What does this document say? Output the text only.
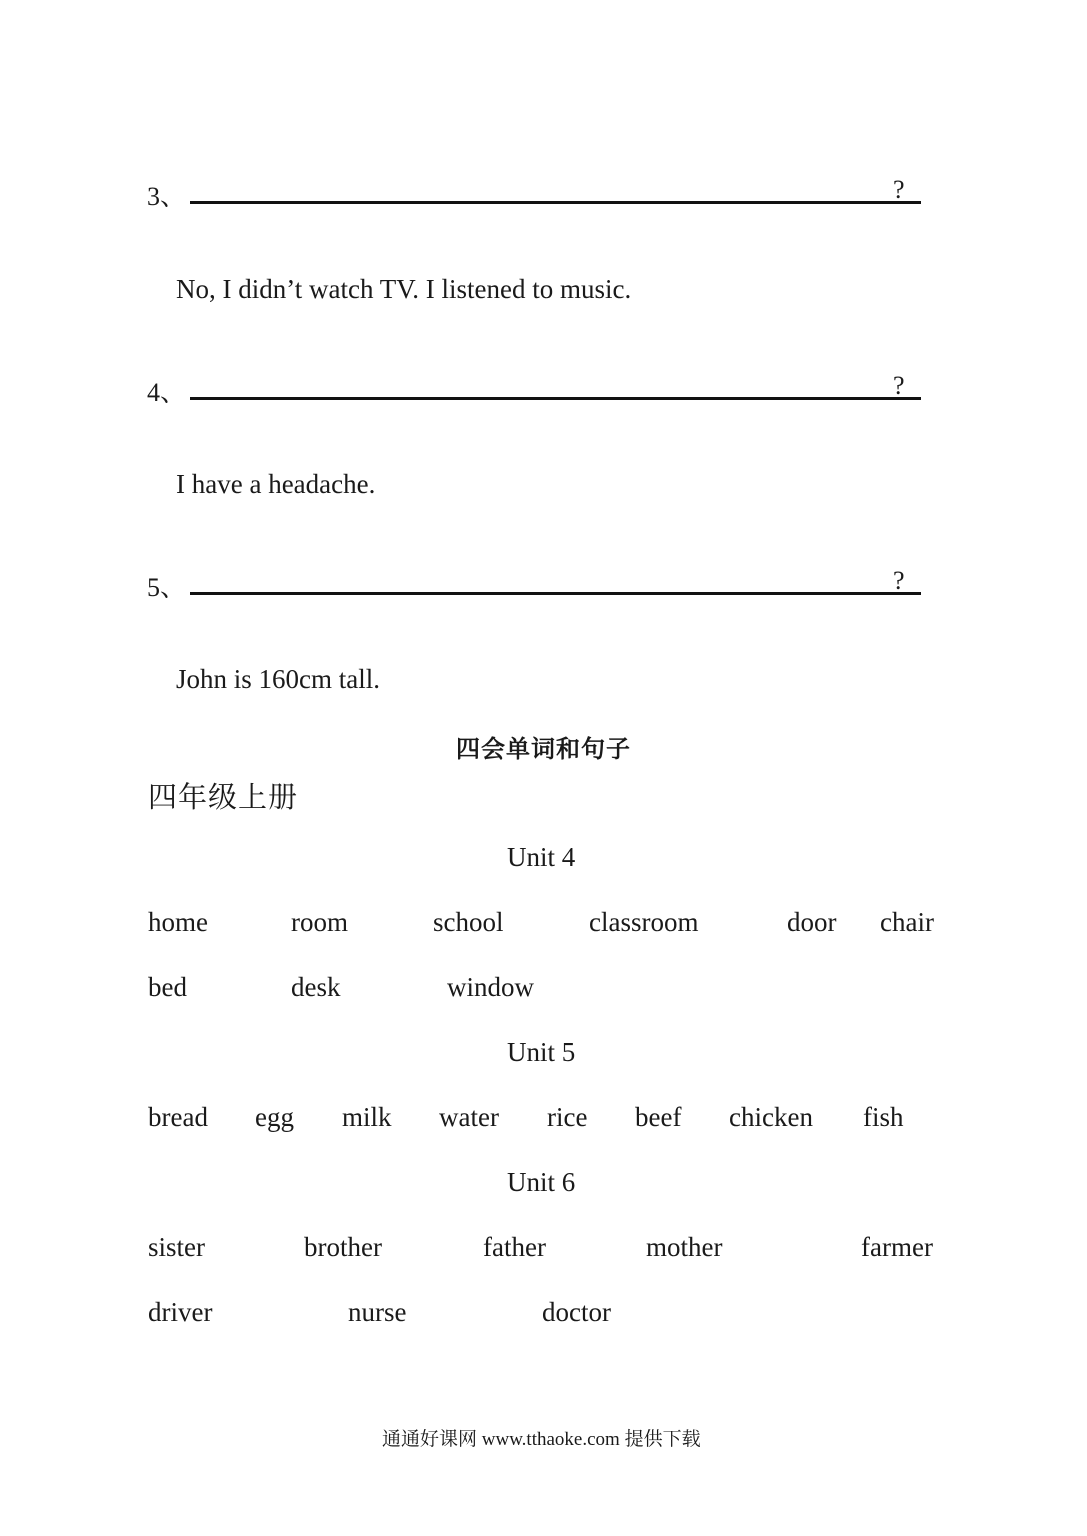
3、	?
No, I didn’t watch TV. I listened to music.
4、	?
I have a headache.
5、	?
John is 160cm tall.
四会单词和句子
四年级上册
Unit 4
home	room	school	classroom	door chair
bed	desk	window
Unit 5
bread egg milk water rice beef chicken fish
Unit 6
sister	brother	father	mother	farmer
driver	nurse	doctor
通通好课网 www.tthaoke.com 提供下载
